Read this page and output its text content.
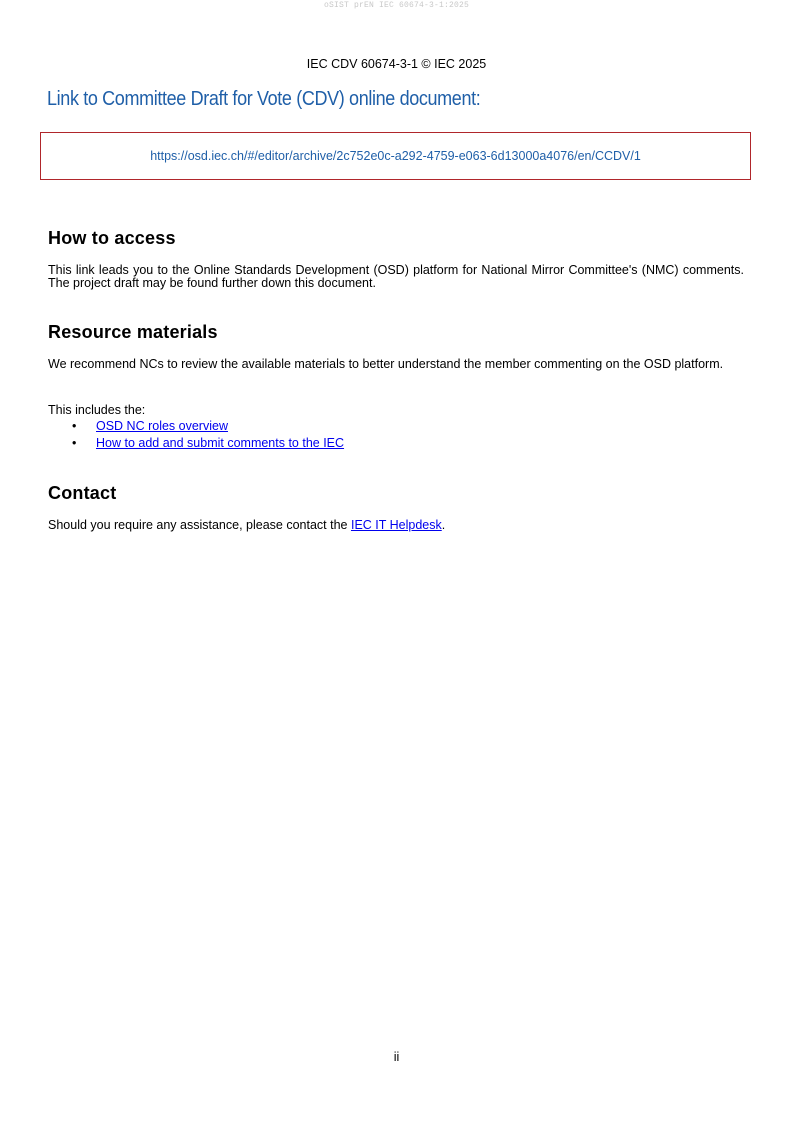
oSIST prEN IEC 60674-3-1:2025
IEC CDV 60674-3-1 © IEC 2025
Link to Committee Draft for Vote (CDV) online document:
https://osd.iec.ch/#/editor/archive/2c752e0c-a292-4759-e063-6d13000a4076/en/CCDV/1
How to access

This link leads you to the Online Standards Development (OSD) platform for National Mirror Committee's (NMC) comments. The project draft may be found further down this document.

Resource materials

We recommend NCs to review the available materials to better understand the member commenting on the OSD platform.

This includes the:

• OSD NC roles overview
• How to add and submit comments to the IEC
Contact

Should you require any assistance, please contact the IEC IT Helpdesk.

ii
